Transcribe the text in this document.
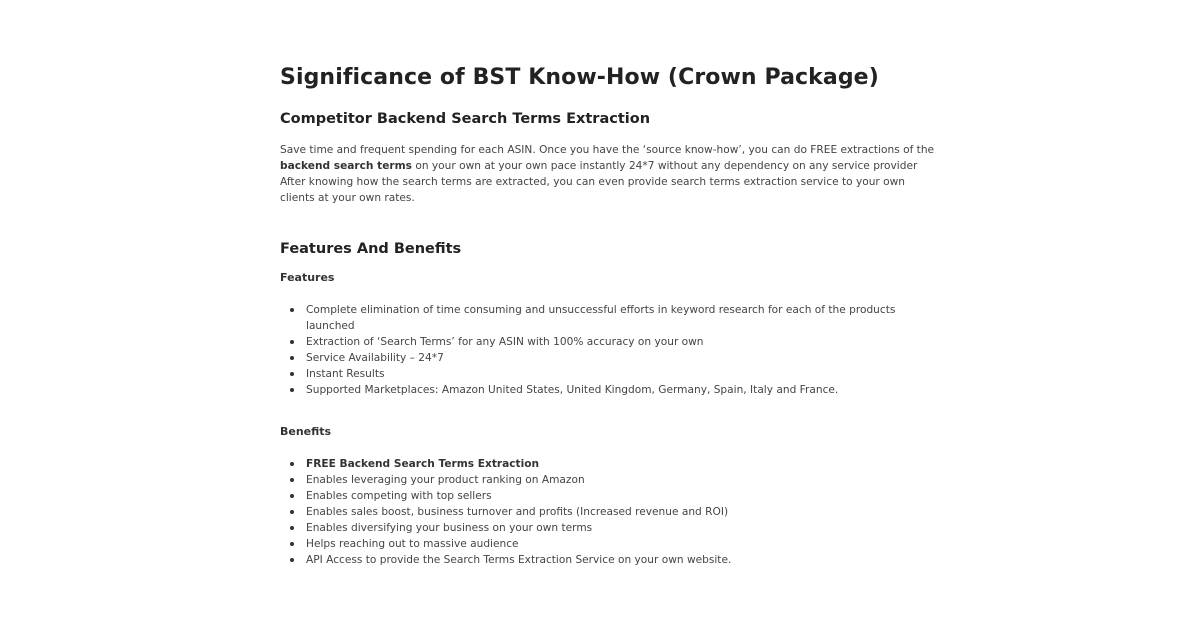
Significance of BST Know-How (Crown Package)
Competitor Backend Search Terms Extraction

Save time and frequent spending for each ASIN. Once you have the ‘source know-how’, you can do FREE extractions of the backend search terms on your own at your own pace instantly 24*7 without any dependency on any service provider
After knowing how the search terms are extracted, you can even provide search terms extraction service to your own clients at your own rates.

Features And Benefits
Features
Complete elimination of time consuming and unsuccessful efforts in keyword research for each of the products launched
Extraction of ‘Search Terms’ for any ASIN with 100% accuracy on your own
Service Availability – 24*7
Instant Results
Supported Marketplaces: Amazon United States, United Kingdom, Germany, Spain, Italy and France.
Benefits
FREE Backend Search Terms Extraction
Enables leveraging your product ranking on Amazon
Enables competing with top sellers
Enables sales boost, business turnover and profits (Increased revenue and ROI)
Enables diversifying your business on your own terms
Helps reaching out to massive audience
API Access to provide the Search Terms Extraction Service on your own website.
